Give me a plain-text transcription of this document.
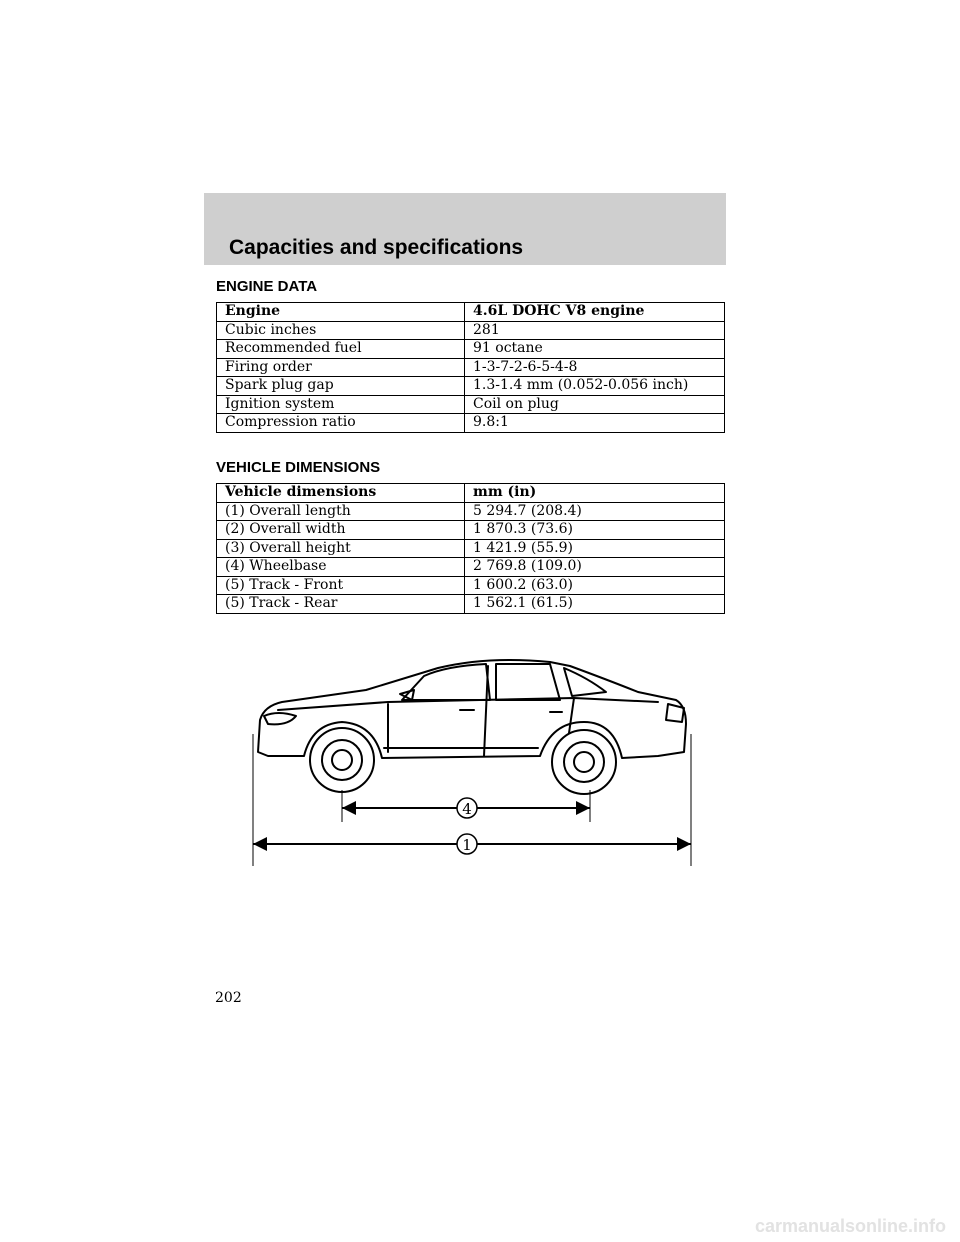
Capacities and specifications
ENGINE DATA
Engine	4.6L DOHC V8 engine
Cubic inches	281
Recommended fuel	91 octane
Firing order	1-3-7-2-6-5-4-8
Spark plug gap	1.3-1.4 mm (0.052-0.056 inch)
Ignition system	Coil on plug
Compression ratio	9.8:1
VEHICLE DIMENSIONS
Vehicle dimensions	mm (in)
(1) Overall length	5 294.7 (208.4)
(2) Overall width	1 870.3 (73.6)
(3) Overall height	1 421.9 (55.9)
(4) Wheelbase	2 769.8 (109.0)
(5) Track - Front	1 600.2 (63.0)
(5) Track - Rear	1 562.1 (61.5)
4
1
202
carmanualsonline.info
